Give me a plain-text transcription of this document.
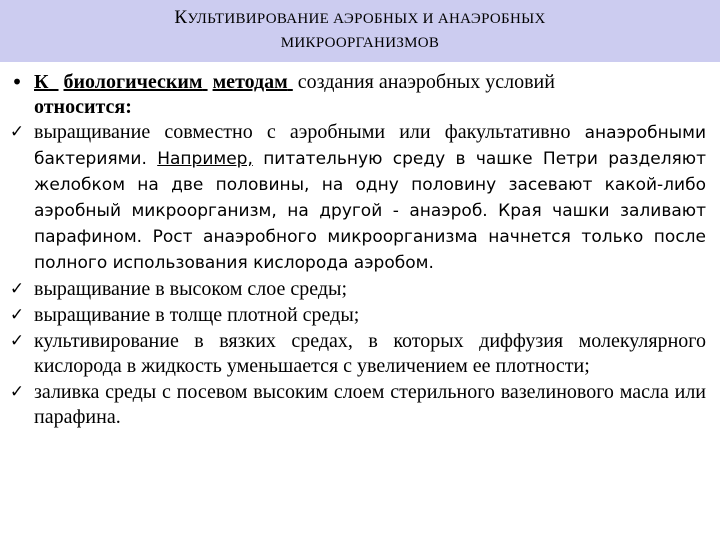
КУЛЬТИВИРОВАНИЕ АЭРОБНЫХ И АНАЭРОБНЫХ
МИКРООРГАНИЗМОВ
• К биологическим методам  создания анаэробных условий
относится:
✓ выращивание совместно с аэробными или факультативно анаэробными бактериями. Например, питательную среду в чашке Петри разделяют желобком на две половины, на одну половину засевают какой-либо аэробный микроорганизм, на другой - анаэроб. Края чашки заливают парафином. Рост анаэробного микроорганизма начнется только после полного использования кислорода аэробом.
✓ выращивание в высоком слое среды;
✓ выращивание в толще плотной среды;
✓ культивирование в вязких средах, в которых диффузия молекулярного кислорода в жидкость уменьшается с увеличением ее плотности;
✓ заливка среды с посевом высоким слоем стерильного вазелинового масла или парафина.
